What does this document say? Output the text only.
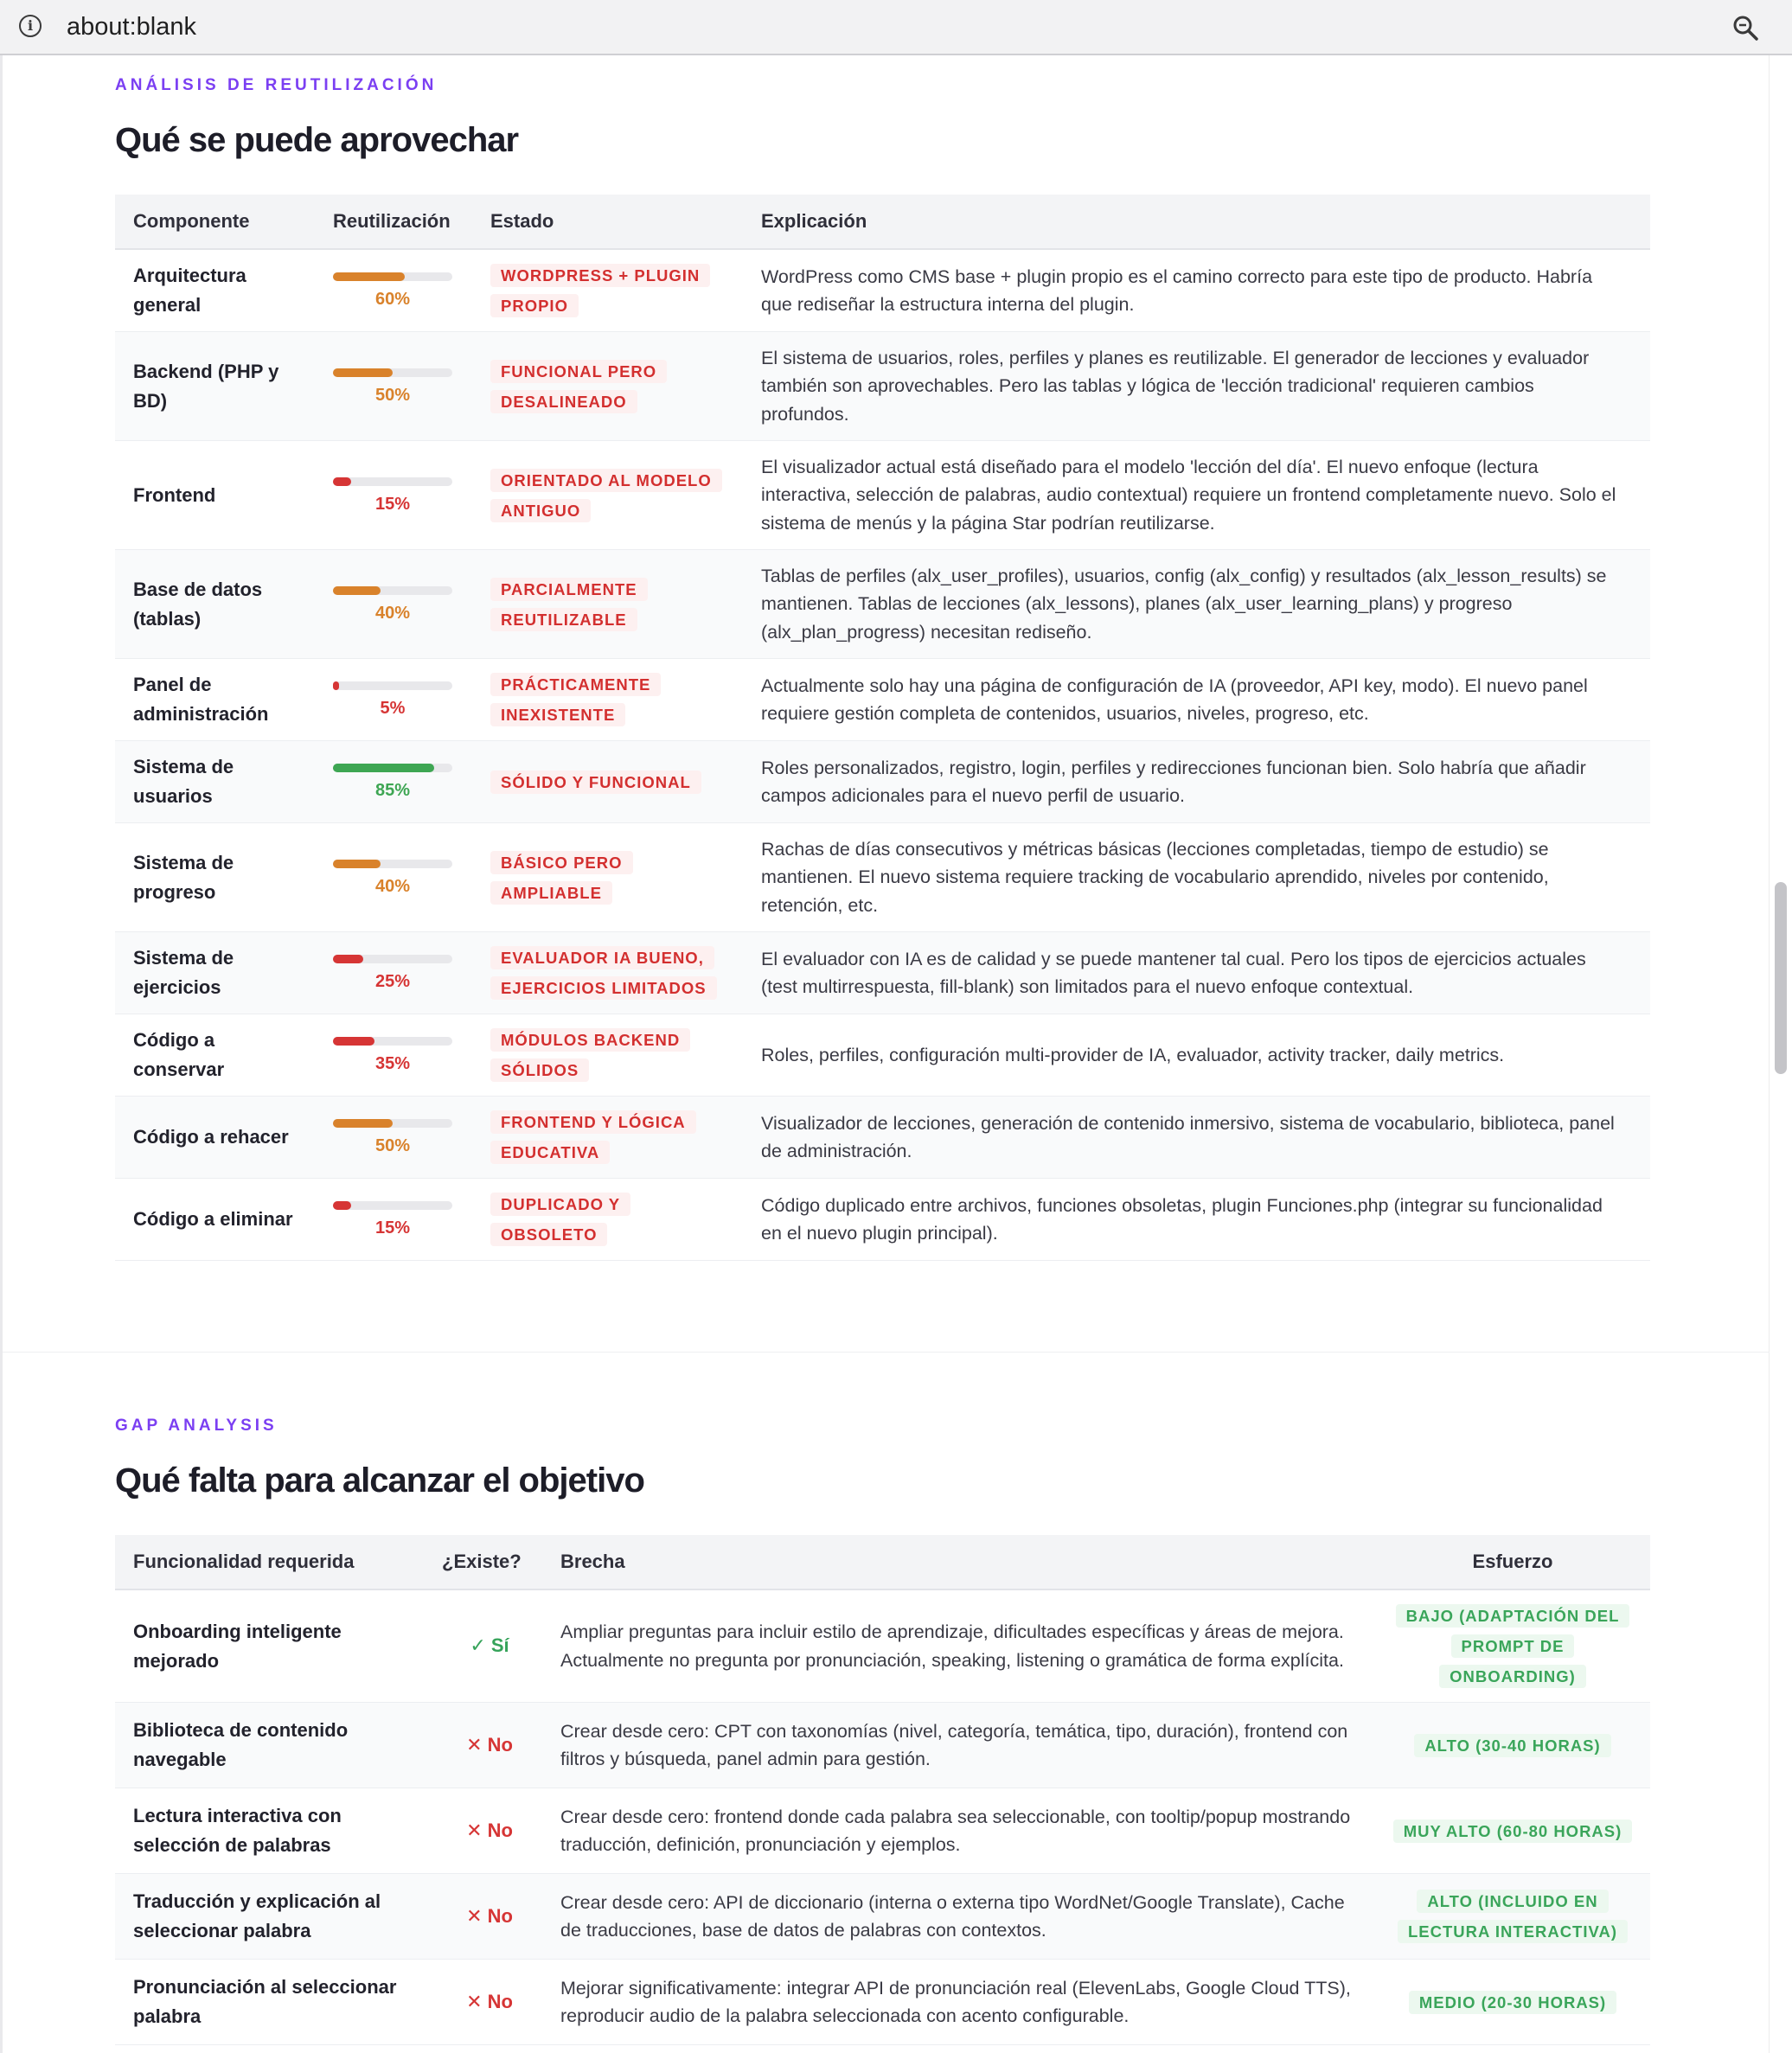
i	about:blank
ANÁLISIS DE REUTILIZACIÓN
Qué se puede aprovechar
Componente	Reutilización	Estado	Explicación
Arquitectura general	60%	WORDPRESS + PLUGIN PROPIO	WordPress como CMS base + plugin propio es el camino correcto para este tipo de producto. Habría que rediseñar la estructura interna del plugin.
Backend (PHP y BD)	50%	FUNCIONAL PERO DESALINEADO	El sistema de usuarios, roles, perfiles y planes es reutilizable. El generador de lecciones y evaluador también son aprovechables. Pero las tablas y lógica de 'lección tradicional' requieren cambios profundos.
Frontend	15%	ORIENTADO AL MODELO ANTIGUO	El visualizador actual está diseñado para el modelo 'lección del día'. El nuevo enfoque (lectura interactiva, selección de palabras, audio contextual) requiere un frontend completamente nuevo. Solo el sistema de menús y la página Star podrían reutilizarse.
Base de datos (tablas)	40%	PARCIALMENTE REUTILIZABLE	Tablas de perfiles (alx_user_profiles), usuarios, config (alx_config) y resultados (alx_lesson_results) se mantienen. Tablas de lecciones (alx_lessons), planes (alx_user_learning_plans) y progreso (alx_plan_progress) necesitan rediseño.
Panel de administración	5%	PRÁCTICAMENTE INEXISTENTE	Actualmente solo hay una página de configuración de IA (proveedor, API key, modo). El nuevo panel requiere gestión completa de contenidos, usuarios, niveles, progreso, etc.
Sistema de usuarios	85%	SÓLIDO Y FUNCIONAL	Roles personalizados, registro, login, perfiles y redirecciones funcionan bien. Solo habría que añadir campos adicionales para el nuevo perfil de usuario.
Sistema de progreso	40%	BÁSICO PERO AMPLIABLE	Rachas de días consecutivos y métricas básicas (lecciones completadas, tiempo de estudio) se mantienen. El nuevo sistema requiere tracking de vocabulario aprendido, niveles por contenido, retención, etc.
Sistema de ejercicios	25%	EVALUADOR IA BUENO, EJERCICIOS LIMITADOS	El evaluador con IA es de calidad y se puede mantener tal cual. Pero los tipos de ejercicios actuales (test multirrespuesta, fill-blank) son limitados para el nuevo enfoque contextual.
Código a conservar	35%	MÓDULOS BACKEND SÓLIDOS	Roles, perfiles, configuración multi-provider de IA, evaluador, activity tracker, daily metrics.
Código a rehacer	50%	FRONTEND Y LÓGICA EDUCATIVA	Visualizador de lecciones, generación de contenido inmersivo, sistema de vocabulario, biblioteca, panel de administración.
Código a eliminar	15%	DUPLICADO Y OBSOLETO	Código duplicado entre archivos, funciones obsoletas, plugin Funciones.php (integrar su funcionalidad en el nuevo plugin principal).
GAP ANALYSIS
Qué falta para alcanzar el objetivo
Funcionalidad requerida	¿Existe?	Brecha	Esfuerzo
Onboarding inteligente mejorado	✓ Sí	Ampliar preguntas para incluir estilo de aprendizaje, dificultades específicas y áreas de mejora. Actualmente no pregunta por pronunciación, speaking, listening o gramática de forma explícita.	BAJO (ADAPTACIÓN DEL PROMPT DE ONBOARDING)
Biblioteca de contenido navegable	✕ No	Crear desde cero: CPT con taxonomías (nivel, categoría, temática, tipo, duración), frontend con filtros y búsqueda, panel admin para gestión.	ALTO (30-40 HORAS)
Lectura interactiva con selección de palabras	✕ No	Crear desde cero: frontend donde cada palabra sea seleccionable, con tooltip/popup mostrando traducción, definición, pronunciación y ejemplos.	MUY ALTO (60-80 HORAS)
Traducción y explicación al seleccionar palabra	✕ No	Crear desde cero: API de diccionario (interna o externa tipo WordNet/Google Translate), Cache de traducciones, base de datos de palabras con contextos.	ALTO (INCLUIDO EN LECTURA INTERACTIVA)
Pronunciación al seleccionar palabra	✕ No	Mejorar significativamente: integrar API de pronunciación real (ElevenLabs, Google Cloud TTS), reproducir audio de la palabra seleccionada con acento configurable.	MEDIO (20-30 HORAS)
